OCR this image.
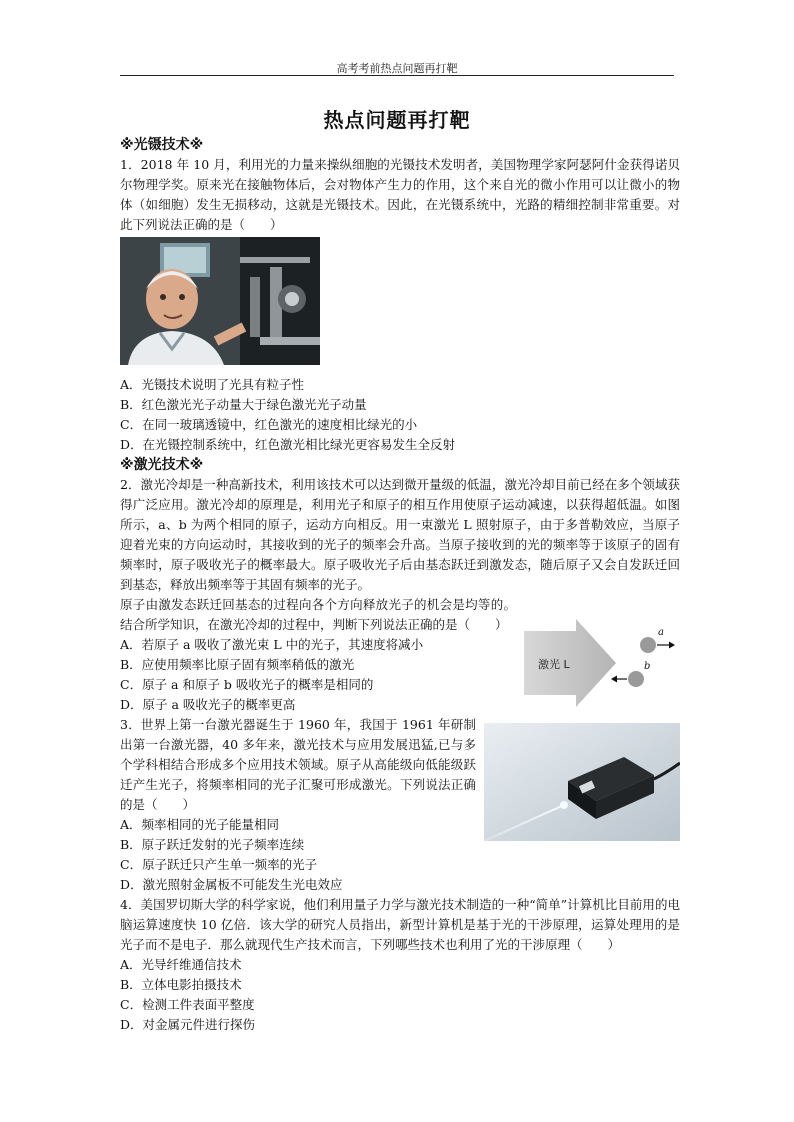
高考考前热点问题再打靶
热点问题再打靶
※光镊技术※

1．2018 年 10 月，利用光的力量来操纵细胞的光镊技术发明者，美国物理学家阿瑟阿什金获得诺贝尔物理学奖。原来光在接触物体后，会对物体产生力的作用，这个来自光的微小作用可以让微小的物体（如细胞）发生无损移动，这就是光镊技术。因此，在光镊系统中，光路的精细控制非常重要。对此下列说法正确的是（　　）

A．光镊技术说明了光具有粒子性

B．红色激光光子动量大于绿色激光光子动量

C．在同一玻璃透镜中，红色激光的速度相比绿光的小

D．在光镊控制系统中，红色激光相比绿光更容易发生全反射

※激光技术※

2．激光冷却是一种高新技术，利用该技术可以达到微开量级的低温，激光冷却目前已经在多个领域获得广泛应用。激光冷却的原理是，利用光子和原子的相互作用使原子运动减速，以获得超低温。如图所示，a、b 为两个相同的原子，运动方向相反。用一束激光 L 照射原子，由于多普勒效应，当原子迎着光束的方向运动时，其接收到的光子的频率会升高。当原子接收到的光的频率等于该原子的固有频率时，原子吸收光子的概率最大。原子吸收光子后由基态跃迁到激发态，随后原子又会自发跃迁回到基态，释放出频率等于其固有频率的光子。

激光 L
a
b

原子由激发态跃迁回基态的过程向各个方向释放光子的机会是均等的。结合所学知识，在激光冷却的过程中，判断下列说法正确的是（　　）

A．若原子 a 吸收了激光束 L 中的光子，其速度将减小

B．应使用频率比原子固有频率稍低的激光

C．原子 a 和原子 b 吸收光子的概率是相同的

D．原子 a 吸收光子的概率更高

3．世界上第一台激光器诞生于 1960 年，我国于 1961 年研制出第一台激光器，40 多年来，激光技术与应用发展迅猛,已与多个学科相结合形成多个应用技术领域。原子从高能级向低能级跃迁产生光子，将频率相同的光子汇聚可形成激光。下列说法正确的是（　　）

A．频率相同的光子能量相同

B．原子跃迁发射的光子频率连续

C．原子跃迁只产生单一频率的光子

D．激光照射金属板不可能发生光电效应

4．美国罗切斯大学的科学家说，他们利用量子力学与激光技术制造的一种“简单”计算机比目前用的电脑运算速度快 10 亿倍．该大学的研究人员指出，新型计算机是基于光的干涉原理，运算处理用的是光子而不是电子．那么就现代生产技术而言，下列哪些技术也利用了光的干涉原理（　　）

A．光导纤维通信技术

B．立体电影拍摄技术

C．检测工件表面平整度

D．对金属元件进行探伤
